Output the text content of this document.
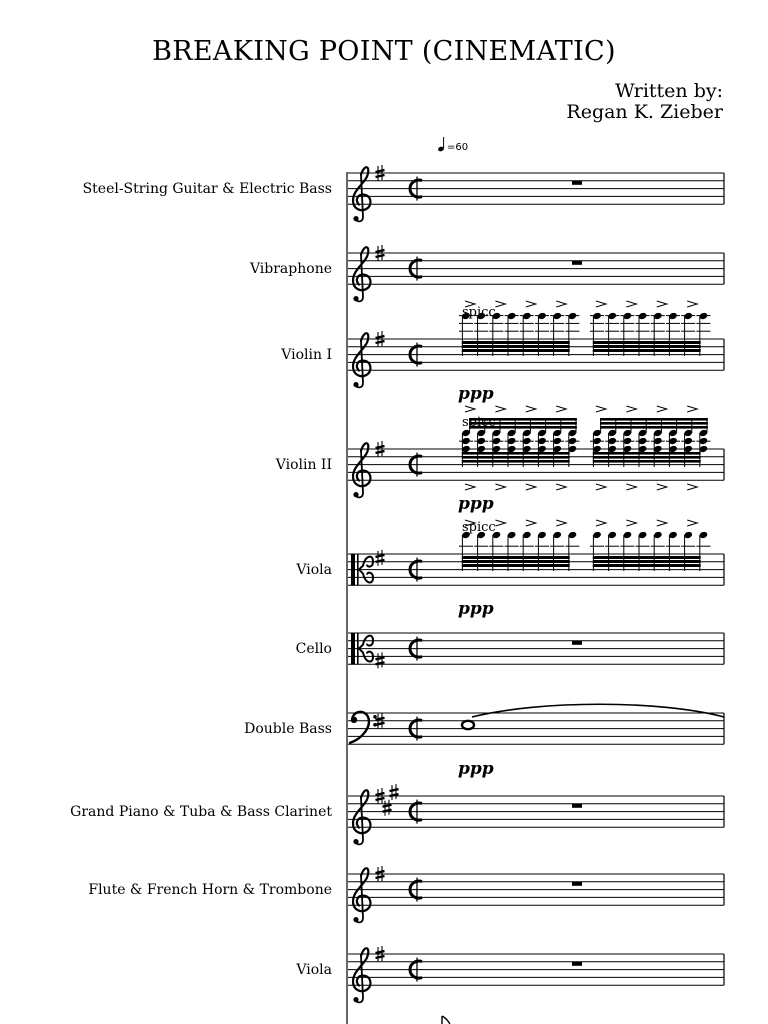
BREAKING POINT (CINEMATIC)
Written by:
Regan K. Zieber
Steel-String Guitar & Electric Bass
Vibraphone
Violin I
Violin II
Viola
Cello
Double Bass
Grand Piano & Tuba & Bass Clarinet
Flute & French Horn & Trombone
Viola
=60
spicc
spicc
spicc
ppp
ppp
ppp
ppp
